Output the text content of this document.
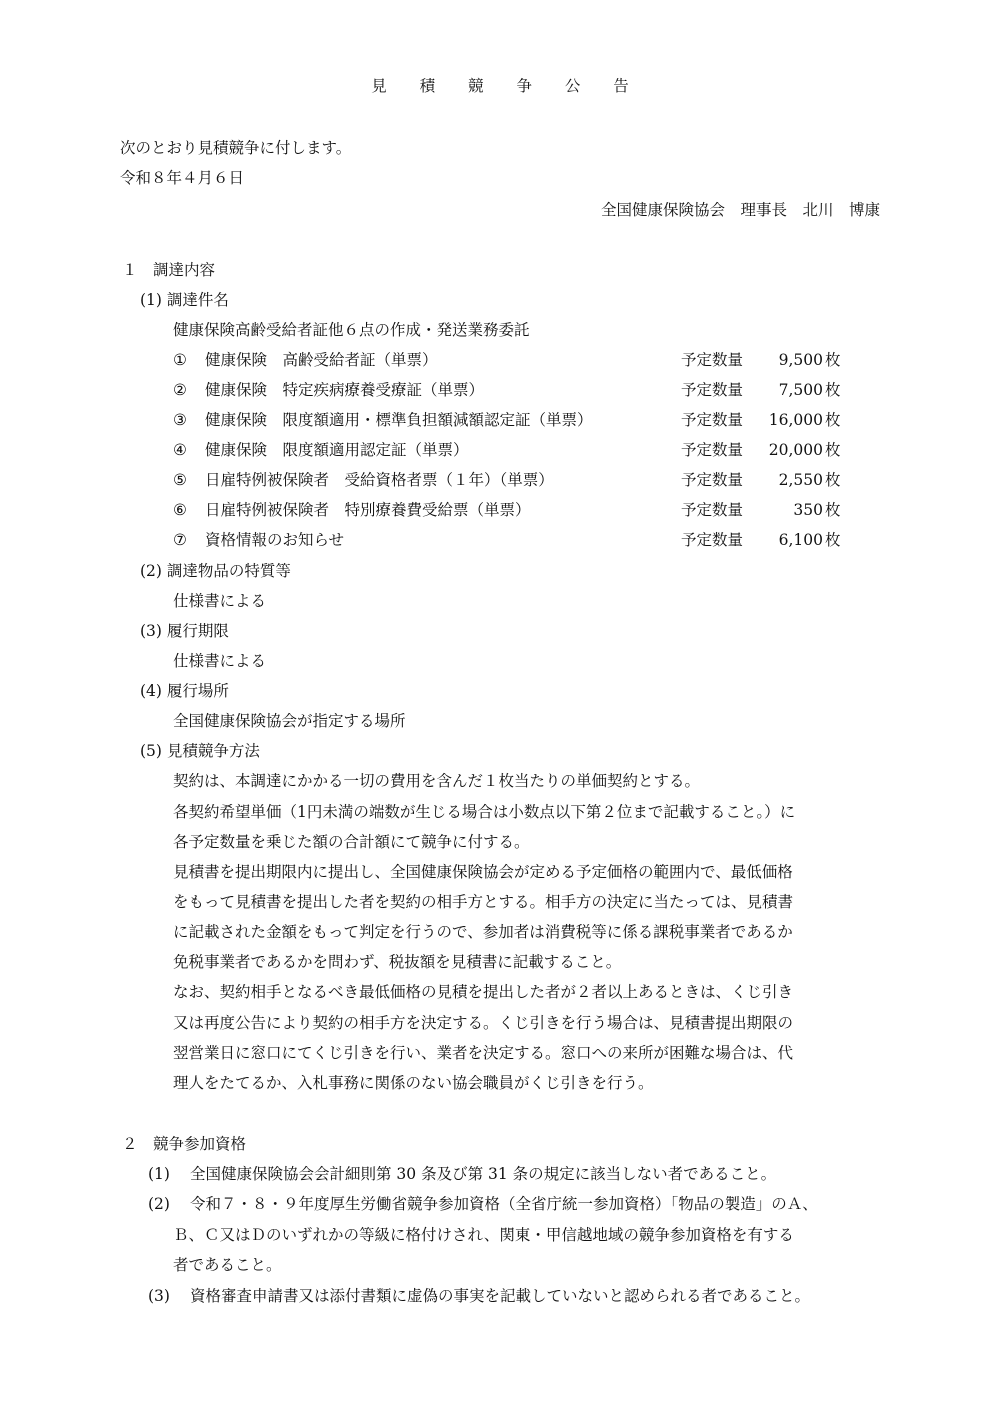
見 積 競 争 公 告
次のとおり見積競争に付します。
令和８年４月６日
全国健康保険協会　理事長　北川　博康
１　調達内容
(1) 調達件名
健康保険高齢受給者証他６点の作成・発送業務委託
① 健康保険　高齢受給者証（単票）	予定数量	9,500 枚
② 健康保険　特定疾病療養受療証（単票）	予定数量	7,500 枚
③ 健康保険　限度額適用・標準負担額減額認定証（単票）	予定数量	16,000 枚
④ 健康保険　限度額適用認定証（単票）	予定数量	20,000 枚
⑤ 日雇特例被保険者　受給資格者票（１年）（単票）	予定数量	2,550 枚
⑥ 日雇特例被保険者　特別療養費受給票（単票）	予定数量	350 枚
⑦ 資格情報のお知らせ	予定数量	6,100 枚
(2) 調達物品の特質等
仕様書による
(3) 履行期限
仕様書による
(4) 履行場所
全国健康保険協会が指定する場所
(5) 見積競争方法
契約は、本調達にかかる一切の費用を含んだ１枚当たりの単価契約とする。
各契約希望単価（1円未満の端数が生じる場合は小数点以下第２位まで記載すること。）に
各予定数量を乗じた額の合計額にて競争に付する。
見積書を提出期限内に提出し、全国健康保険協会が定める予定価格の範囲内で、最低価格
をもって見積書を提出した者を契約の相手方とする。相手方の決定に当たっては、見積書
に記載された金額をもって判定を行うので、参加者は消費税等に係る課税事業者であるか
免税事業者であるかを問わず、税抜額を見積書に記載すること。
なお、契約相手となるべき最低価格の見積を提出した者が２者以上あるときは、くじ引き
又は再度公告により契約の相手方を決定する。くじ引きを行う場合は、見積書提出期限の
翌営業日に窓口にてくじ引きを行い、業者を決定する。窓口への来所が困難な場合は、代
理人をたてるか、入札事務に関係のない協会職員がくじ引きを行う。
２　競争参加資格
(1) 全国健康保険協会会計細則第 30 条及び第 31 条の規定に該当しない者であること。
(2) 令和７・８・９年度厚生労働省競争参加資格（全省庁統一参加資格）「物品の製造」のＡ、
Ｂ、Ｃ又はＤのいずれかの等級に格付けされ、関東・甲信越地域の競争参加資格を有する
者であること。
(3) 資格審査申請書又は添付書類に虚偽の事実を記載していないと認められる者であること。
